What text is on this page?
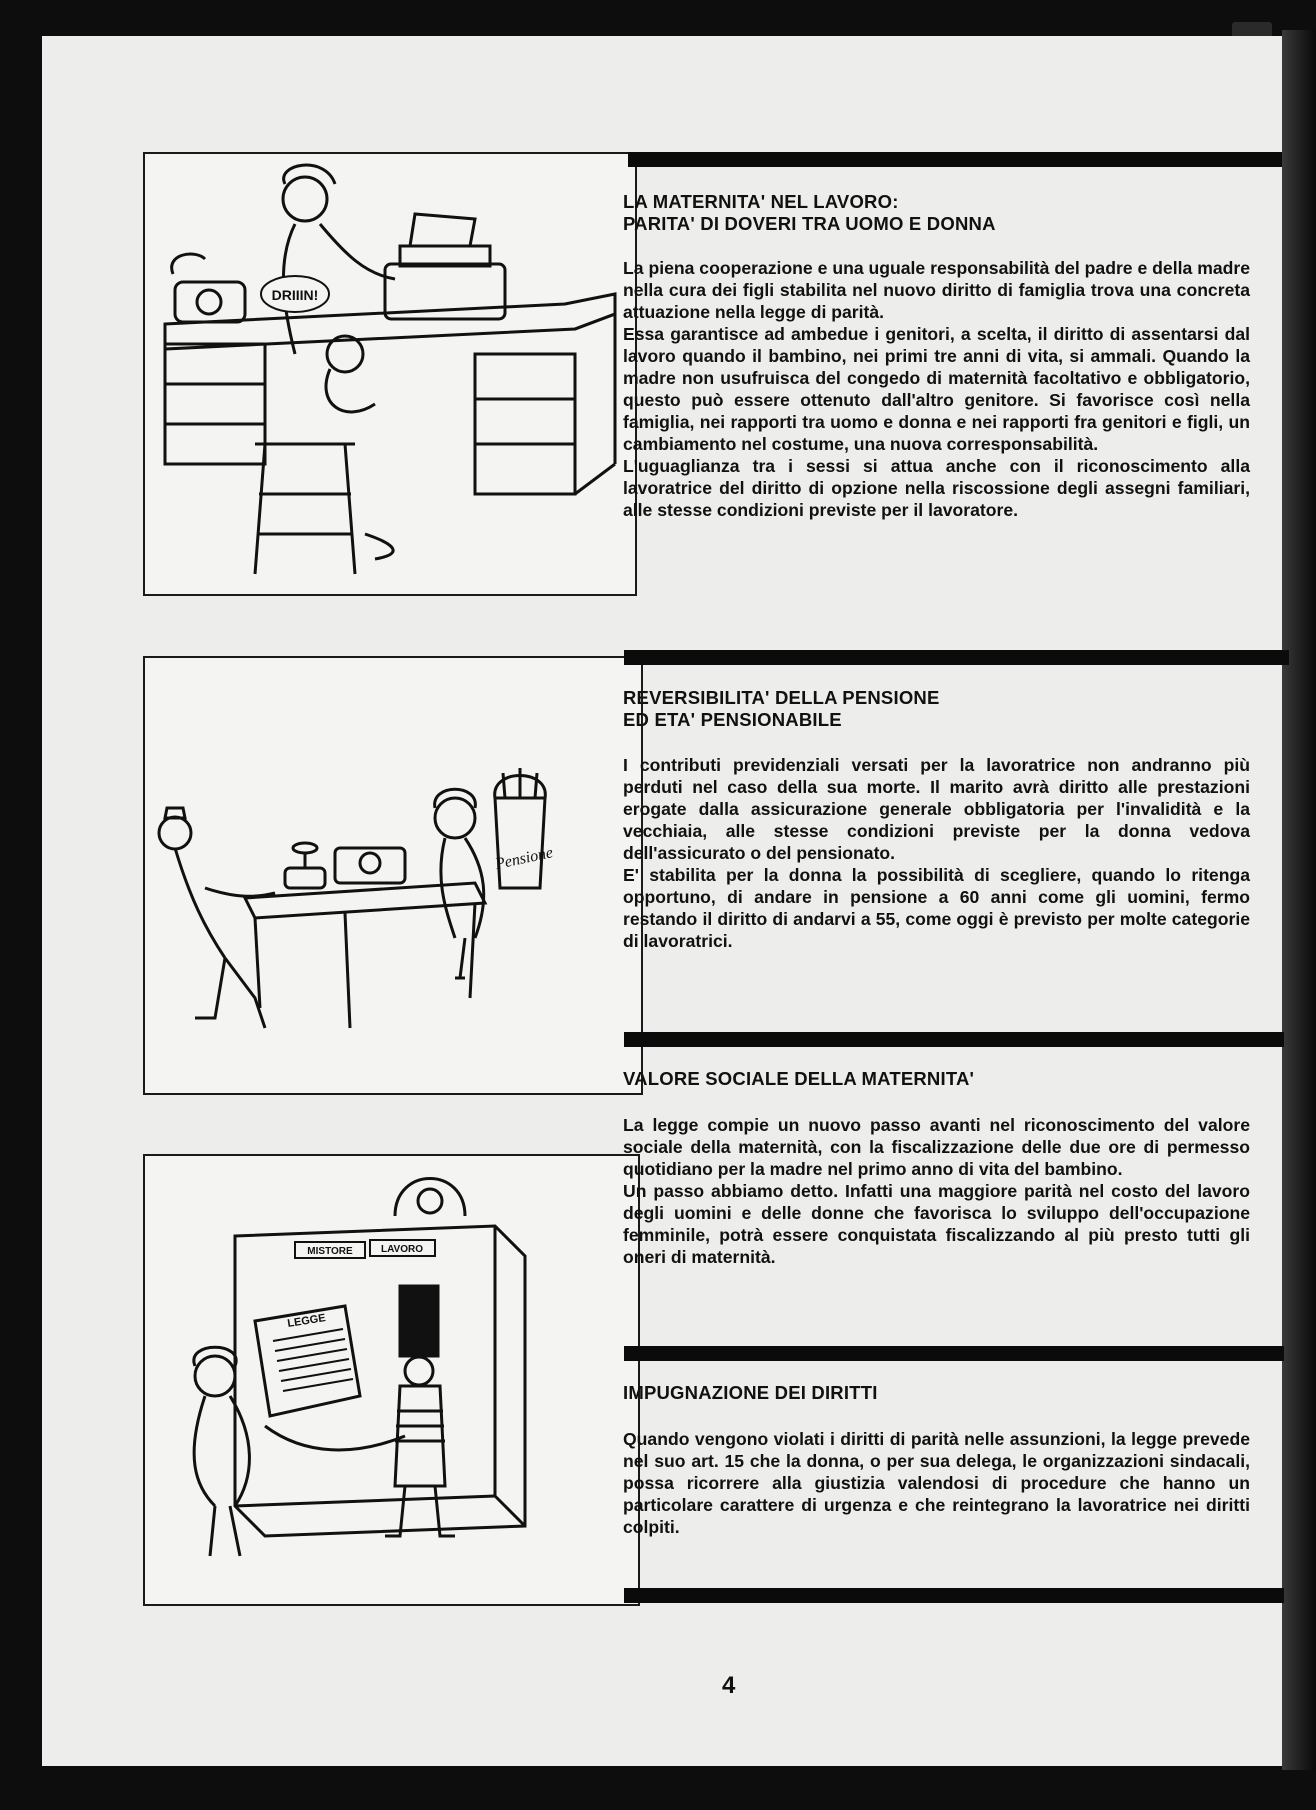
DRIIIN!
Pensione
LEGGE
MISTORE	LAVORO
LA MATERNITA' NEL LAVORO:
PARITA' DI DOVERI TRA UOMO E DONNA

La piena cooperazione e una uguale responsabilità del padre e della madre nella cura dei figli stabilita nel nuovo diritto di famiglia trova una concreta attuazione nella legge di parità.

Essa garantisce ad ambedue i genitori, a scelta, il diritto di assentarsi dal lavoro quando il bambino, nei primi tre anni di vita, si ammali. Quando la madre non usufruisca del congedo di maternità facoltativo e obbligatorio, questo può essere ottenuto dall'altro genitore. Si favorisce così nella famiglia, nei rapporti tra uomo e donna e nei rapporti fra genitori e figli, un cambiamento nel costume, una nuova corresponsabilità.

L'uguaglianza tra i sessi si attua anche con il riconoscimento alla lavoratrice del diritto di opzione nella riscossione degli assegni familiari, alle stesse condizioni previste per il lavoratore.

REVERSIBILITA' DELLA PENSIONE
ED ETA' PENSIONABILE

I contributi previdenziali versati per la lavoratrice non andranno più perduti nel caso della sua morte. Il marito avrà diritto alle prestazioni erogate dalla assicurazione generale obbligatoria per l'invalidità e la vecchiaia, alle stesse condizioni previste per la donna vedova dell'assicurato o del pensionato.

E' stabilita per la donna la possibilità di scegliere, quando lo ritenga opportuno, di andare in pensione a 60 anni come gli uomini, fermo restando il diritto di andarvi a 55, come oggi è previsto per molte categorie di lavoratrici.

VALORE SOCIALE DELLA MATERNITA'

La legge compie un nuovo passo avanti nel riconoscimento del valore sociale della maternità, con la fiscalizzazione delle due ore di permesso quotidiano per la madre nel primo anno di vita del bambino.

Un passo abbiamo detto. Infatti una maggiore parità nel costo del lavoro degli uomini e delle donne che favorisca lo sviluppo dell'occupazione femminile, potrà essere conquistata fiscalizzando al più presto tutti gli oneri di maternità.

IMPUGNAZIONE DEI DIRITTI

Quando vengono violati i diritti di parità nelle assunzioni, la legge prevede nel suo art. 15 che la donna, o per sua delega, le organizzazioni sindacali, possa ricorrere alla giustizia valendosi di procedure che hanno un particolare carattere di urgenza e che reintegrano la lavoratrice nei diritti colpiti.

4
